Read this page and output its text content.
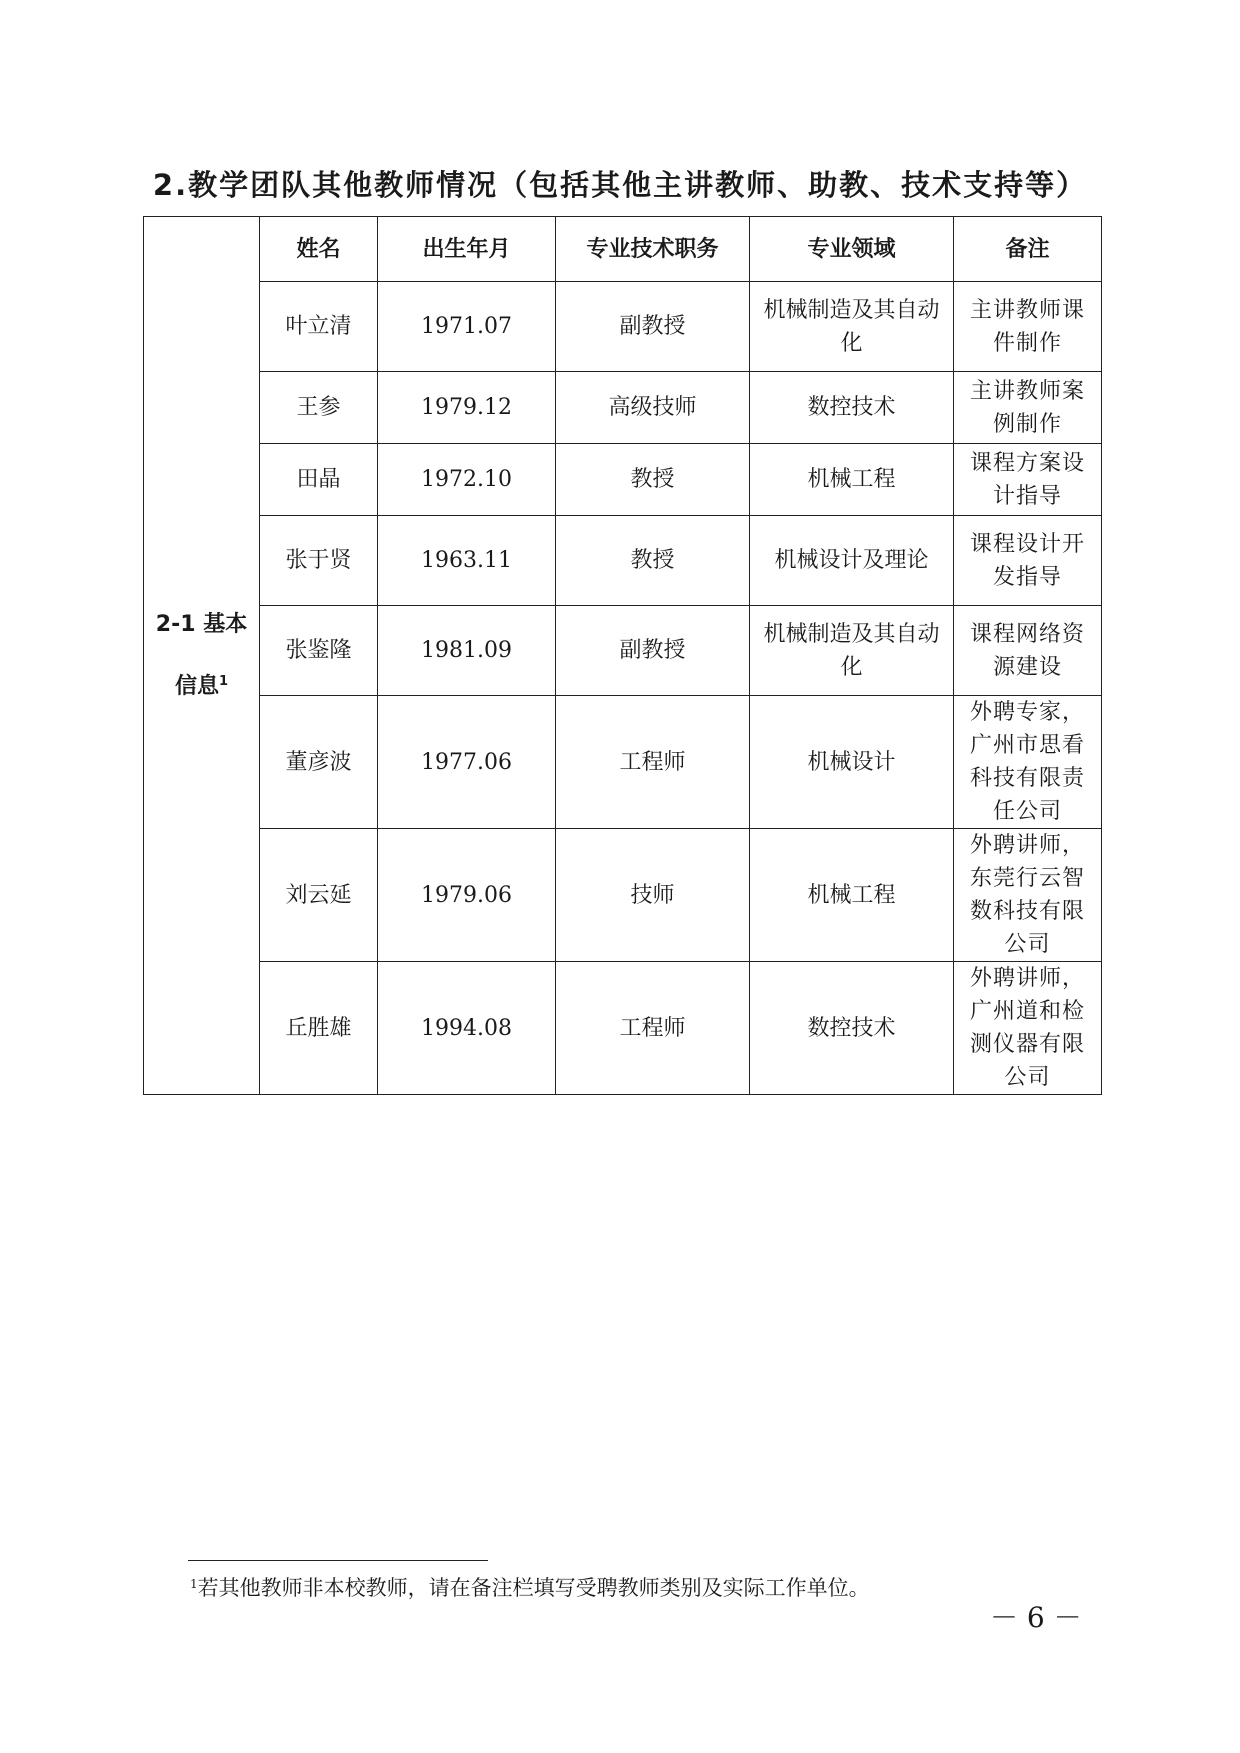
2.教学团队其他教师情况（包括其他主讲教师、助教、技术支持等）
2-1 基本信息$^1$	姓名	出生年月	专业技术职务	专业领域	备注
	叶立清	1971.07	副教授	机械制造及其自动化	主讲教师课件制作
	王参	1979.12	高级技师	数控技术	主讲教师案例制作
	田晶	1972.10	教授	机械工程	课程方案设计指导
	张于贤	1963.11	教授	机械设计及理论	课程设计开发指导
	张鉴隆	1981.09	副教授	机械制造及其自动化	课程网络资源建设
	董彦波	1977.06	工程师	机械设计	外聘专家，广州市思看科技有限责任公司
	刘云延	1979.06	技师	机械工程	外聘讲师，东莞行云智数科技有限公司
	丘胜雄	1994.08	工程师	数控技术	外聘讲师，广州道和检测仪器有限公司
$^1$若其他教师非本校教师，请在备注栏填写受聘教师类别及实际工作单位。
－ 6 －
